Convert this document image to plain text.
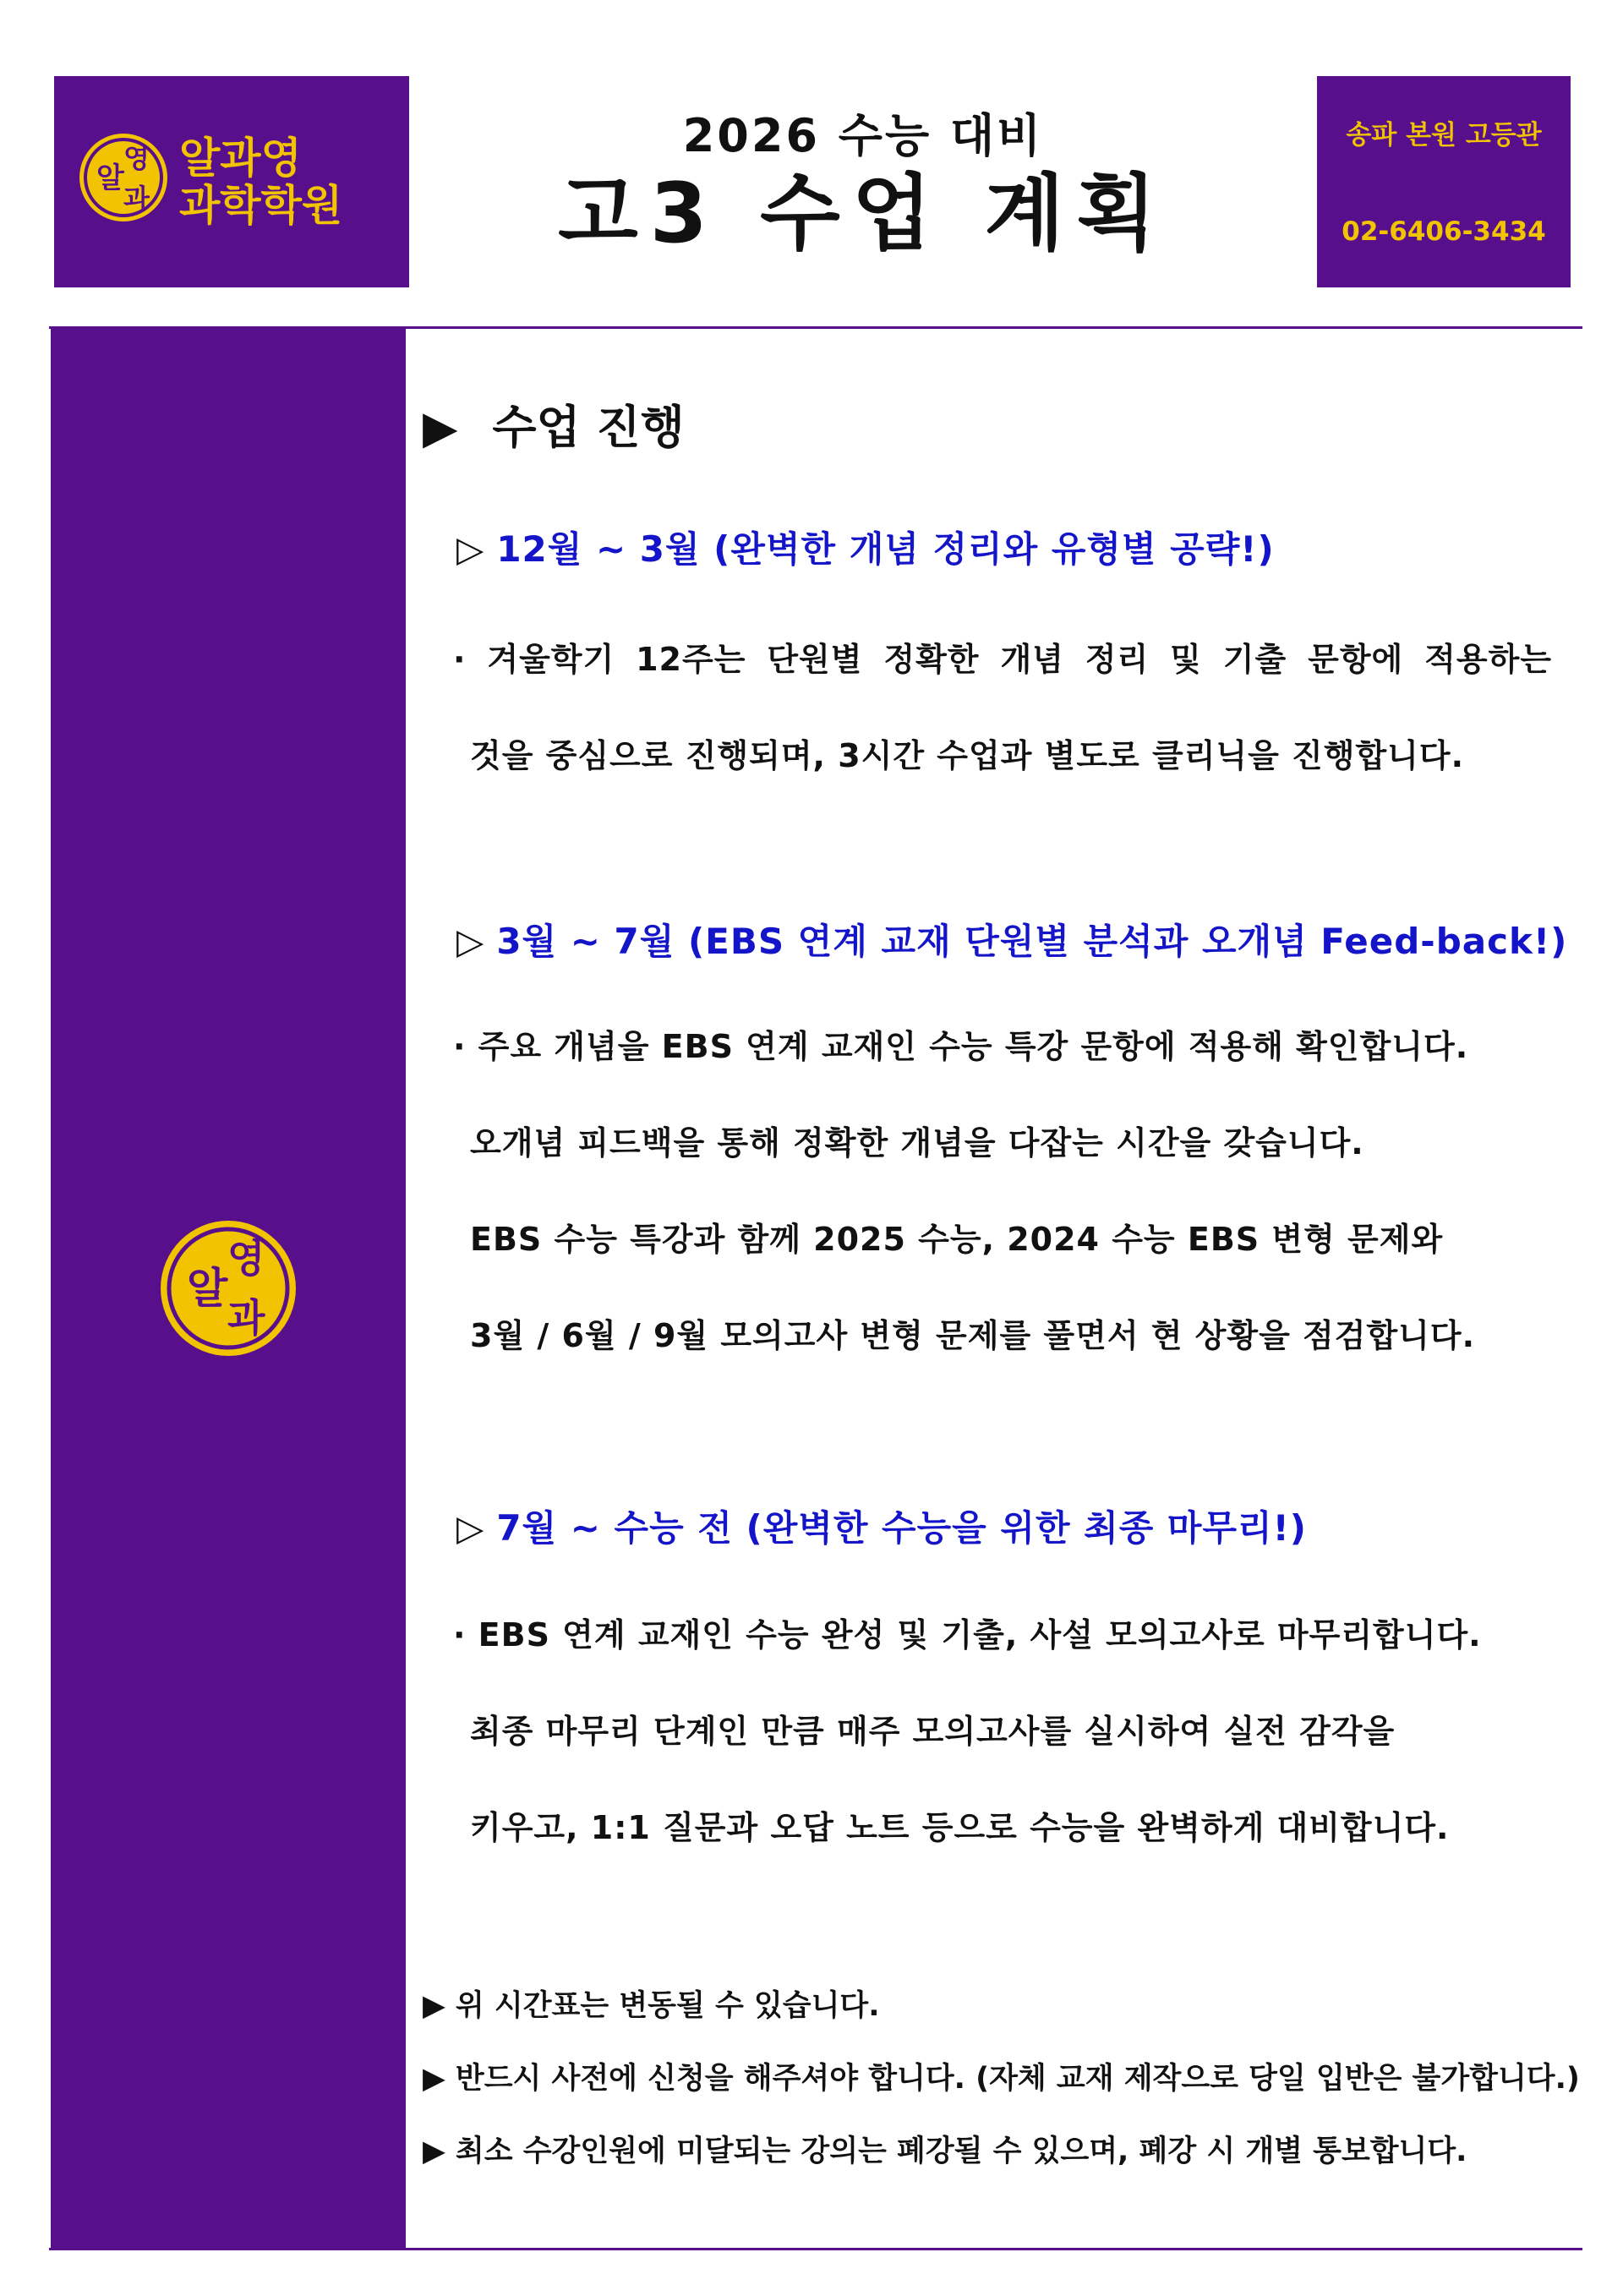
알
영
과
알과영
과학학원
2026 수능 대비
고3 수업 계획
송파 본원 고등관
02-6406-3434
알
영
과
▶ 수업 진행
▷ 12월 ~ 3월 (완벽한 개념 정리와 유형별 공략!)
· 겨울학기 12주는 단원별 정확한 개념 정리 및 기출 문항에 적용하는
것을 중심으로 진행되며, 3시간 수업과 별도로 클리닉을 진행합니다.
▷ 3월 ~ 7월 (EBS 연계 교재 단원별 분석과 오개념 Feed-back!)
· 주요 개념을 EBS 연계 교재인 수능 특강 문항에 적용해 확인합니다.
오개념 피드백을 통해 정확한 개념을 다잡는 시간을 갖습니다.
EBS 수능 특강과 함께 2025 수능, 2024 수능 EBS 변형 문제와
3월 / 6월 / 9월 모의고사 변형 문제를 풀면서 현 상황을 점검합니다.
▷ 7월 ~ 수능 전 (완벽한 수능을 위한 최종 마무리!)
· EBS 연계 교재인 수능 완성 및 기출, 사설 모의고사로 마무리합니다.
최종 마무리 단계인 만큼 매주 모의고사를 실시하여 실전 감각을
키우고, 1:1 질문과 오답 노트 등으로 수능을 완벽하게 대비합니다.
▶ 위 시간표는 변동될 수 있습니다.
▶ 반드시 사전에 신청을 해주셔야 합니다. (자체 교재 제작으로 당일 입반은 불가합니다.)
▶ 최소 수강인원에 미달되는 강의는 폐강될 수 있으며, 폐강 시 개별 통보합니다.
